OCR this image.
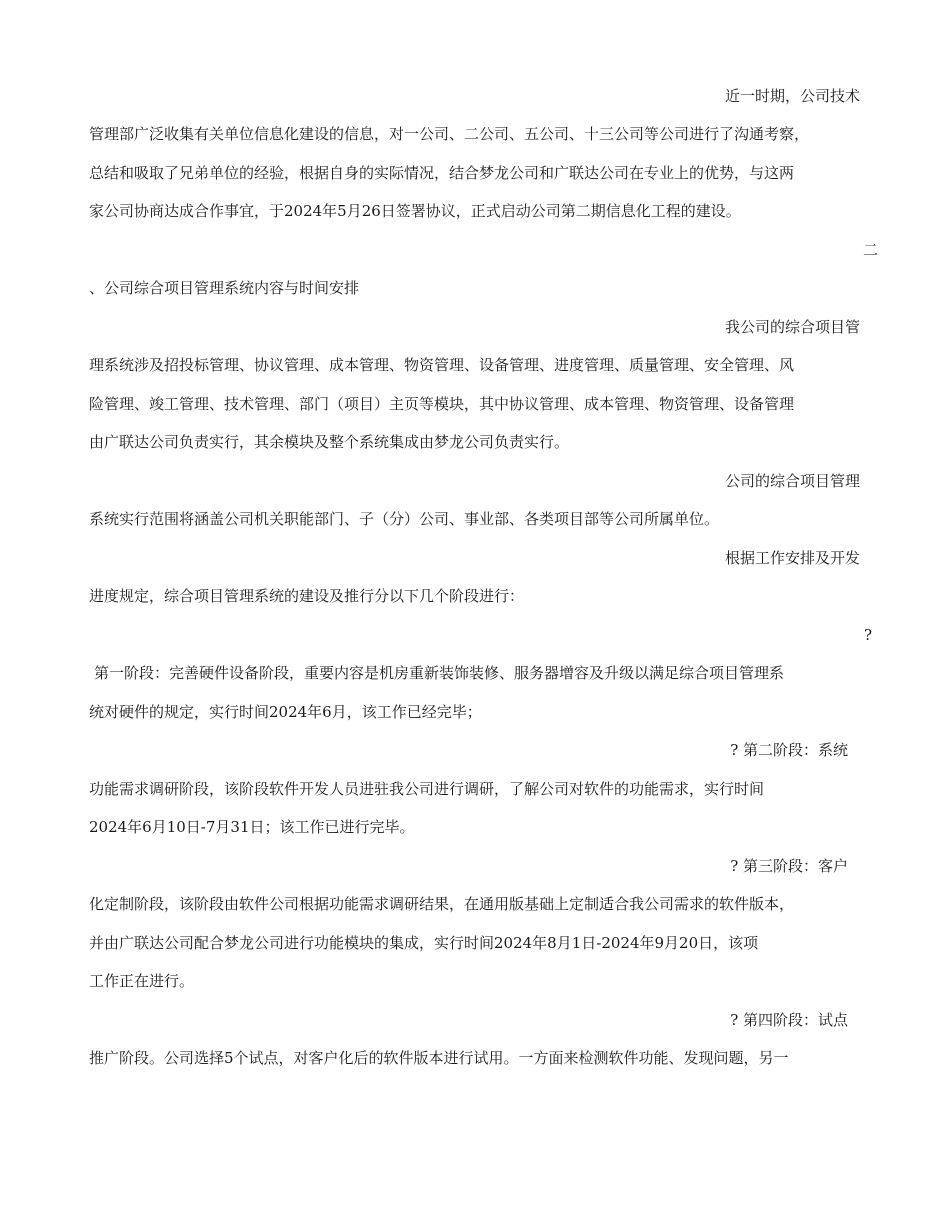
近一时期，公司技术
管理部广泛收集有关单位信息化建设的信息，对一公司、二公司、五公司、十三公司等公司进行了沟通考察，
总结和吸取了兄弟单位的经验，根据自身的实际情况，结合梦龙公司和广联达公司在专业上的优势，与这两
家公司协商达成合作事宜，于2024年5月26日签署协议，正式启动公司第二期信息化工程的建设。
二
、公司综合项目管理系统内容与时间安排
我公司的综合项目管
理系统涉及招投标管理、协议管理、成本管理、物资管理、设备管理、进度管理、质量管理、安全管理、风
险管理、竣工管理、技术管理、部门（项目）主页等模块，其中协议管理、成本管理、物资管理、设备管理
由广联达公司负责实行，其余模块及整个系统集成由梦龙公司负责实行。
公司的综合项目管理
系统实行范围将涵盖公司机关职能部门、子（分）公司、事业部、各类项目部等公司所属单位。
根据工作安排及开发
进度规定，综合项目管理系统的建设及推行分以下几个阶段进行：
?
第一阶段：完善硬件设备阶段，重要内容是机房重新装饰装修、服务器增容及升级以满足综合项目管理系
统对硬件的规定，实行时间2024年6月，该工作已经完毕；
? 第二阶段：系统
功能需求调研阶段，该阶段软件开发人员进驻我公司进行调研，了解公司对软件的功能需求，实行时间
2024年6月10日-7月31日；该工作已进行完毕。
? 第三阶段：客户
化定制阶段，该阶段由软件公司根据功能需求调研结果，在通用版基础上定制适合我公司需求的软件版本，
并由广联达公司配合梦龙公司进行功能模块的集成，实行时间2024年8月1日-2024年9月20日，该项
工作正在进行。
? 第四阶段：试点
推广阶段。公司选择5个试点，对客户化后的软件版本进行试用。一方面来检测软件功能、发现问题，另一
